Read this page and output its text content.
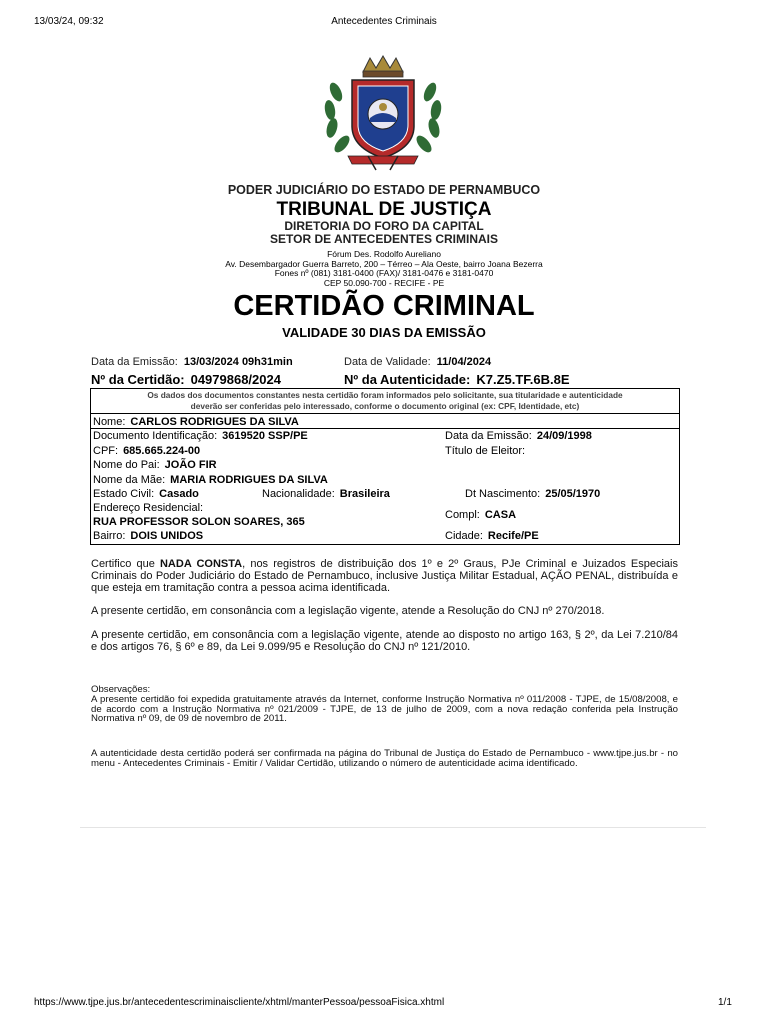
13/03/24, 09:32	Antecedentes Criminais
PODER JUDICIÁRIO DO ESTADO DE PERNAMBUCO
TRIBUNAL DE JUSTIÇA
DIRETORIA DO FORO DA CAPITAL
SETOR DE ANTECEDENTES CRIMINAIS
Fórum Des. Rodolfo Aureliano
Av. Desembargador Guerra Barreto, 200 – Térreo – Ala Oeste, bairro Joana Bezerra
Fones nº (081) 3181-0400 (FAX)/ 3181-0476 e 3181-0470
CEP 50.090-700 - RECIFE - PE
CERTIDÃO CRIMINAL
VALIDADE 30 DIAS DA EMISSÃO
Data da Emissão: 13/03/2024 09h31min	Data de Validade: 11/04/2024
Nº da Certidão: 04979868/2024	Nº da Autenticidade: K7.Z5.TF.6B.8E
Os dados dos documentos constantes nesta certidão foram informados pelo solicitante, sua titularidade e autenticidade
deverão ser conferidas pelo interessado, conforme o documento original (ex: CPF, Identidade, etc)
Nome: CARLOS RODRIGUES DA SILVA
Documento Identificação: 3619520 SSP/PE	Data da Emissão: 24/09/1998
CPF: 685.665.224-00	Título de Eleitor:
Nome do Pai: JOÃO FIR
Nome da Mãe: MARIA RODRIGUES DA SILVA
Estado Civil: Casado	Nacionalidade: Brasileira	Dt Nascimento: 25/05/1970
Endereço Residencial:
RUA PROFESSOR SOLON SOARES, 365
Compl: CASA
Bairro: DOIS UNIDOS	Cidade: Recife/PE
Certifico que NADA CONSTA, nos registros de distribuição dos 1º e 2º Graus, PJe Criminal e Juizados Especiais Criminais do Poder Judiciário do Estado de Pernambuco, inclusive Justiça Militar Estadual, AÇÃO PENAL, distribuída e que esteja em tramitação contra a pessoa acima identificada.
A presente certidão, em consonância com a legislação vigente, atende a Resolução do CNJ nº 270/2018.
A presente certidão, em consonância com a legislação vigente, atende ao disposto no artigo 163, § 2º, da Lei 7.210/84 e dos artigos 76, § 6º e 89, da Lei 9.099/95 e Resolução do CNJ nº 121/2010.
Observações:
A presente certidão foi expedida gratuitamente através da Internet, conforme Instrução Normativa nº 011/2008 - TJPE, de 15/08/2008, e de acordo com a Instrução Normativa nº 021/2009 - TJPE, de 13 de julho de 2009, com a nova redação conferida pela Instrução Normativa nº 09, de 09 de novembro de 2011.
A autenticidade desta certidão poderá ser confirmada na página do Tribunal de Justiça do Estado de Pernambuco - www.tjpe.jus.br - no menu - Antecedentes Criminais - Emitir / Validar Certidão, utilizando o número de autenticidade acima identificado.
https://www.tjpe.jus.br/antecedentescriminaiscliente/xhtml/manterPessoa/pessoaFisica.xhtml	1/1
